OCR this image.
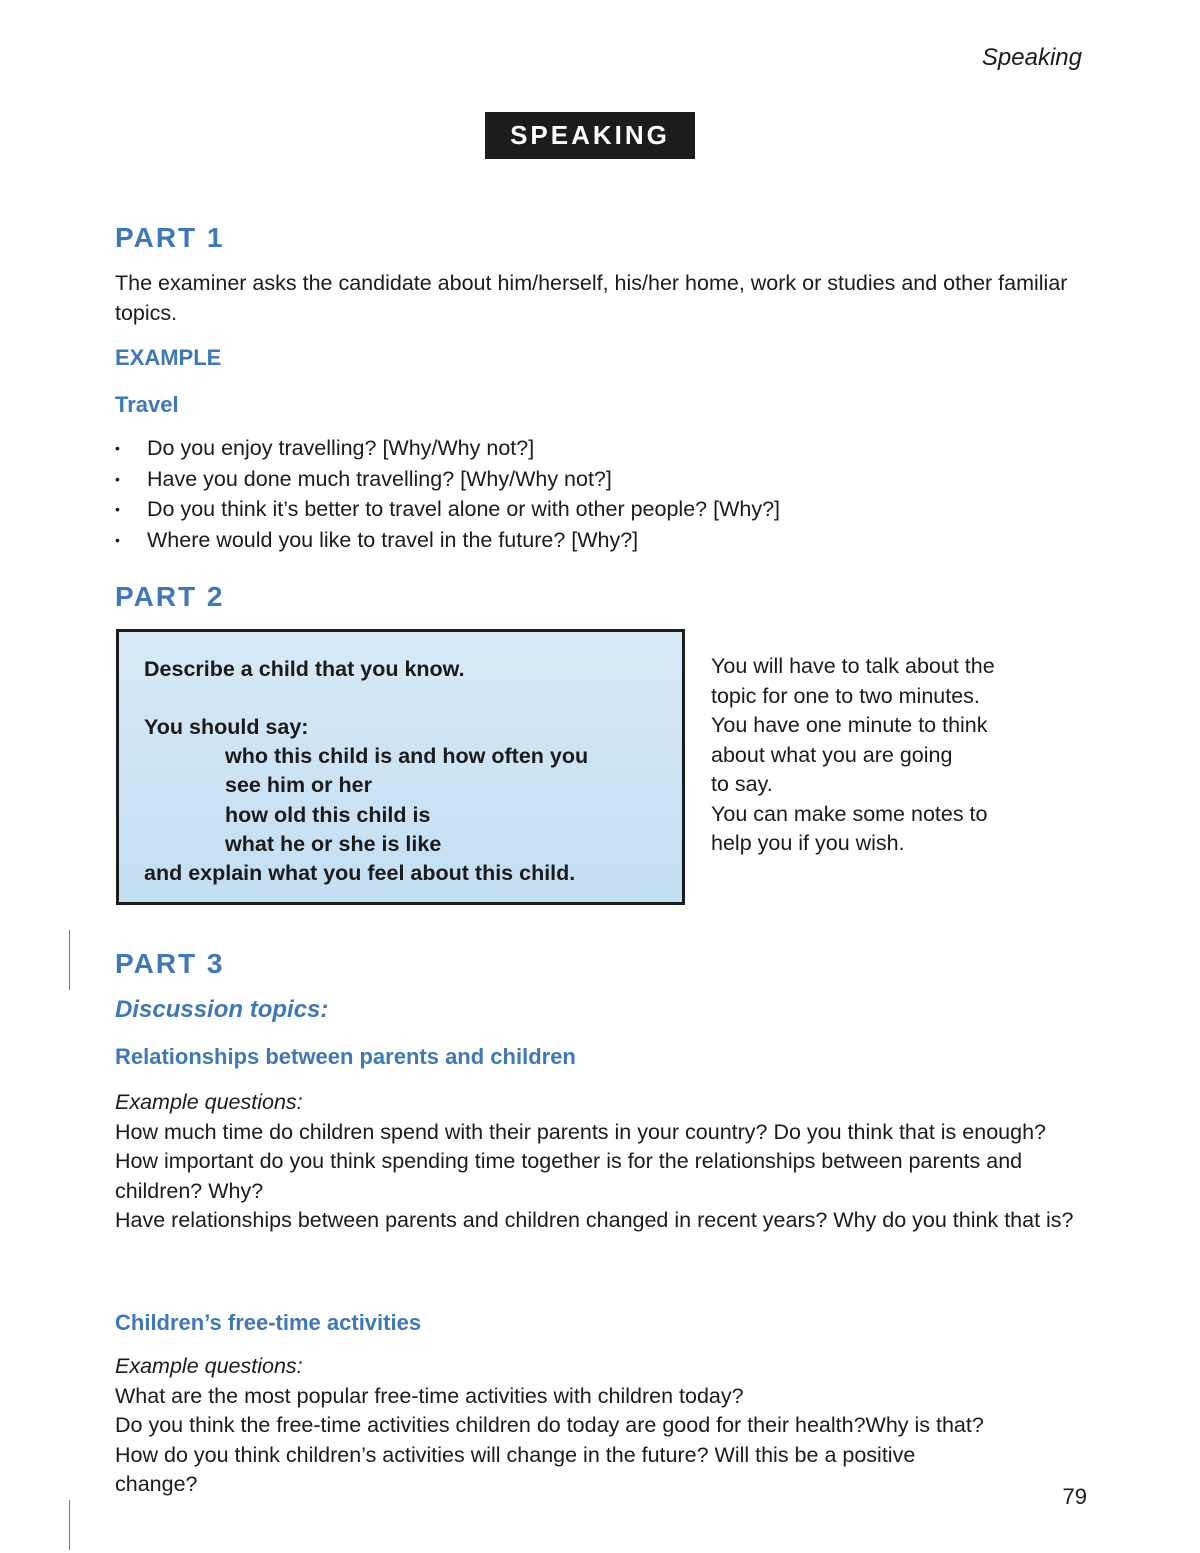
Speaking
SPEAKING
PART 1
The examiner asks the candidate about him/herself, his/her home, work or studies and other familiar topics.
EXAMPLE
Travel
• Do you enjoy travelling? [Why/Why not?]
• Have you done much travelling? [Why/Why not?]
• Do you think it’s better to travel alone or with other people? [Why?]
• Where would you like to travel in the future? [Why?]
PART 2
Describe a child that you know.
You should say:
who this child is and how often you
see him or her
how old this child is
what he or she is like
and explain what you feel about this child.
You will have to talk about the
topic for one to two minutes.
You have one minute to think
about what you are going
to say.
You can make some notes to
help you if you wish.
PART 3
Discussion topics:
Relationships between parents and children
Example questions:
How much time do children spend with their parents in your country? Do you think that is enough?
How important do you think spending time together is for the relationships between parents and children? Why?
Have relationships between parents and children changed in recent years? Why do you think that is?
Children’s free-time activities
Example questions:
What are the most popular free-time activities with children today?
Do you think the free-time activities children do today are good for their health?Why is that?
How do you think children’s activities will change in the future? Will this be a positive change?	79
